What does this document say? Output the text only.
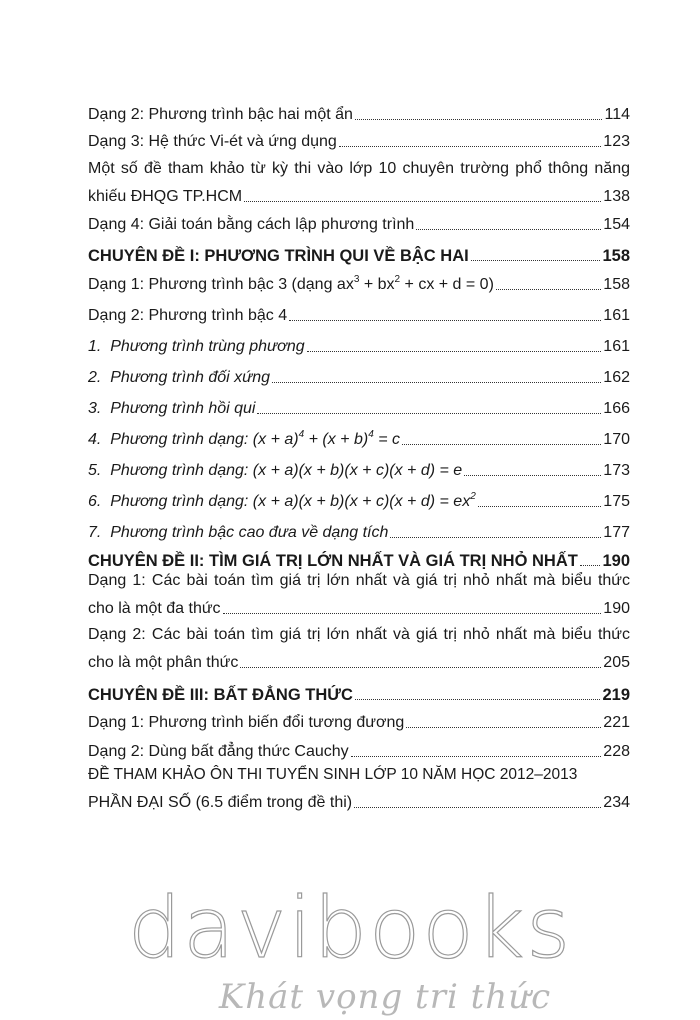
Dạng 2: Phương trình bậc hai một ẩn	114
Dạng 3: Hệ thức Vi-ét và ứng dụng	123
Một số đề tham khảo từ kỳ thi vào lớp 10 chuyên trường phổ thông năng
khiếu ĐHQG TP.HCM	138
Dạng 4: Giải toán bằng cách lập phương trình	154
CHUYÊN ĐỀ I: PHƯƠNG TRÌNH QUI VỀ BẬC HAI	158
Dạng 1: Phương trình bậc 3 (dạng $ax^3 + bx^2$ + cx + d = 0)	158
Dạng 2: Phương trình bậc 4	161
1. Phương trình trùng phương	161
2. Phương trình đối xứng	162
3. Phương trình hồi qui	166
4. Phương trình dạng: $(x + a)^4 + (x + b)^4 = c$	170
5. Phương trình dạng: (x + a)(x + b)(x + c)(x + d) = e	173
6. Phương trình dạng: $(x + a)(x + b)(x + c)(x + d) = ex^2$	175
7. Phương trình bậc cao đưa về dạng tích	177
CHUYÊN ĐỀ II: TÌM GIÁ TRỊ LỚN NHẤT VÀ GIÁ TRỊ NHỎ NHẤT 190
Dạng 1: Các bài toán tìm giá trị lớn nhất và giá trị nhỏ nhất mà biểu thức
cho là một đa thức	190
Dạng 2: Các bài toán tìm giá trị lớn nhất và giá trị nhỏ nhất mà biểu thức
cho là một phân thức	205
CHUYÊN ĐỀ III: BẤT ĐẲNG THỨC	219
Dạng 1: Phương trình biến đổi tương đương	221
Dạng 2: Dùng bất đẳng thức Cauchy	228
ĐỀ THAM KHẢO ÔN THI TUYỂN SINH LỚP 10 NĂM HỌC 2012–2013
PHẦN ĐẠI SỐ (6.5 điểm trong đề thi)	234
davibooks
Khát vọng tri thức
